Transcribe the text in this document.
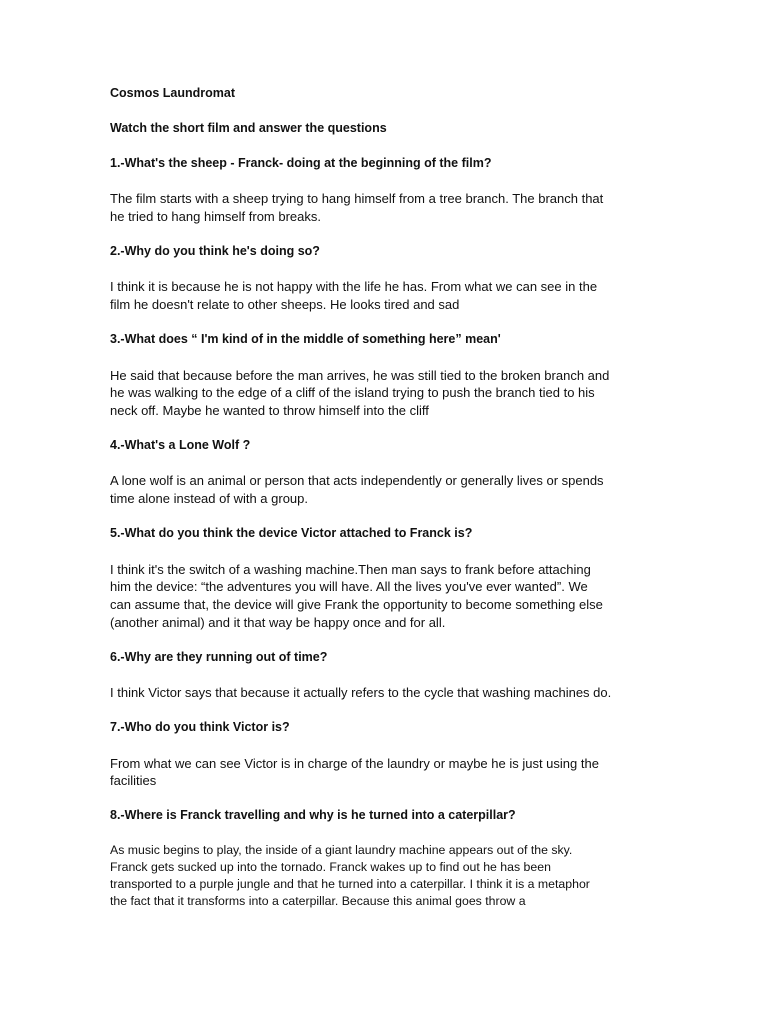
Cosmos Laundromat
Watch the short film and answer the questions
1.-What's the sheep - Franck- doing at the beginning of the film?
The film starts with a sheep trying to hang himself from a tree branch. The branch that
he tried to hang himself from breaks.
2.-Why do you think he's doing so?
I think it is because he is not happy with the life he has. From what we can see in the
film he doesn't relate to other sheeps. He looks tired and sad
3.-What does “ I'm kind of in the middle of something here” mean'
He said that because before the man arrives, he was still tied to the broken branch and
he was walking to the edge of a cliff of the island trying to push the branch tied to his
neck off. Maybe he wanted to throw himself into the cliff
4.-What's a Lone Wolf ?
A lone wolf is an animal or person that acts independently or generally lives or spends
time alone instead of with a group.
5.-What do you think the device Victor attached to Franck is?
I think it's the switch of a washing machine.Then man says to frank before attaching
him the device: “the adventures you will have. All the lives you've ever wanted”. We
can assume that, the device will give Frank the opportunity to become something else
(another animal) and it that way be happy once and for all.
6.-Why are they running out of time?
I think Victor says that because it actually refers to the cycle that washing machines do.
7.-Who do you think Victor is?
From what we can see Victor is in charge of the laundry or maybe he is just using the
facilities
8.-Where is Franck travelling and why is he turned into a caterpillar?
As music begins to play, the inside of a giant laundry machine appears out of the sky.
Franck gets sucked up into the tornado. Franck wakes up to find out he has been
transported to a purple jungle and that he turned into a caterpillar. I think it is a metaphor
the fact that it transforms into a caterpillar. Because this animal goes throw a
